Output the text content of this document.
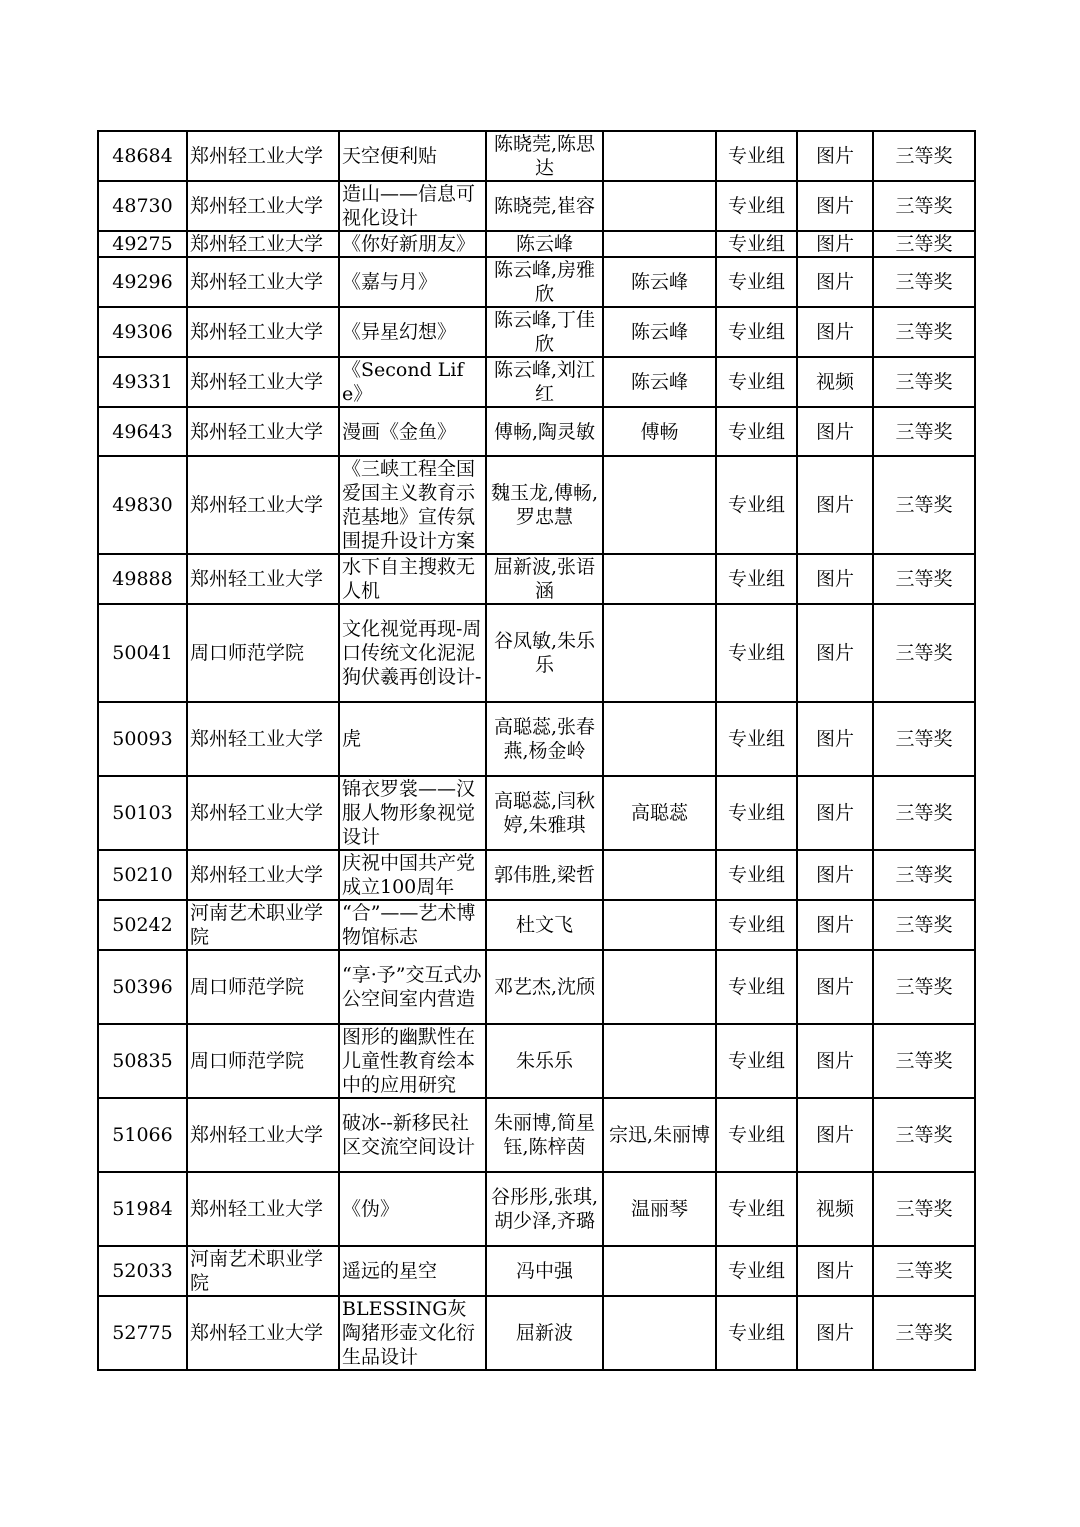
48684	郑州轻工业大学	天空便利贴	陈晓莞,陈思达		专业组	图片	三等奖
48730	郑州轻工业大学	造山——信息可视化设计	陈晓莞,崔容		专业组	图片	三等奖
49275	郑州轻工业大学	《你好新朋友》	陈云峰		专业组	图片	三等奖
49296	郑州轻工业大学	《嘉与月》	陈云峰,房雅欣	陈云峰	专业组	图片	三等奖
49306	郑州轻工业大学	《异星幻想》	陈云峰,丁佳欣	陈云峰	专业组	图片	三等奖
49331	郑州轻工业大学	《Second Life》	陈云峰,刘江红	陈云峰	专业组	视频	三等奖
49643	郑州轻工业大学	漫画《金鱼》	傅畅,陶灵敏	傅畅	专业组	图片	三等奖
49830	郑州轻工业大学	《三峡工程全国爱国主义教育示范基地》宣传氛围提升设计方案	魏玉龙,傅畅,罗忠慧		专业组	图片	三等奖
49888	郑州轻工业大学	水下自主搜救无人机	屈新波,张语涵		专业组	图片	三等奖
50041	周口师范学院	文化视觉再现-周口传统文化泥泥狗伏羲再创设计-	谷凤敏,朱乐乐		专业组	图片	三等奖
50093	郑州轻工业大学	虎	高聪蕊,张春燕,杨金岭		专业组	图片	三等奖
50103	郑州轻工业大学	锦衣罗裳——汉服人物形象视觉设计	高聪蕊,闫秋婷,朱雅琪	高聪蕊	专业组	图片	三等奖
50210	郑州轻工业大学	庆祝中国共产党成立100周年	郭伟胜,梁哲		专业组	图片	三等奖
50242	河南艺术职业学院	“合”——艺术博物馆标志	杜文飞		专业组	图片	三等奖
50396	周口师范学院	“享·予”交互式办公空间室内营造	邓艺杰,沈颀		专业组	图片	三等奖
50835	周口师范学院	图形的幽默性在儿童性教育绘本中的应用研究	朱乐乐		专业组	图片	三等奖
51066	郑州轻工业大学	破冰--新移民社区交流空间设计	朱丽博,简星钰,陈梓茵	宗迅,朱丽博	专业组	图片	三等奖
51984	郑州轻工业大学	《伪》	谷彤彤,张琪,胡少泽,齐璐	温丽琴	专业组	视频	三等奖
52033	河南艺术职业学院	遥远的星空	冯中强		专业组	图片	三等奖
52775	郑州轻工业大学	BLESSING灰陶猪形壶文化衍生品设计	屈新波		专业组	图片	三等奖
